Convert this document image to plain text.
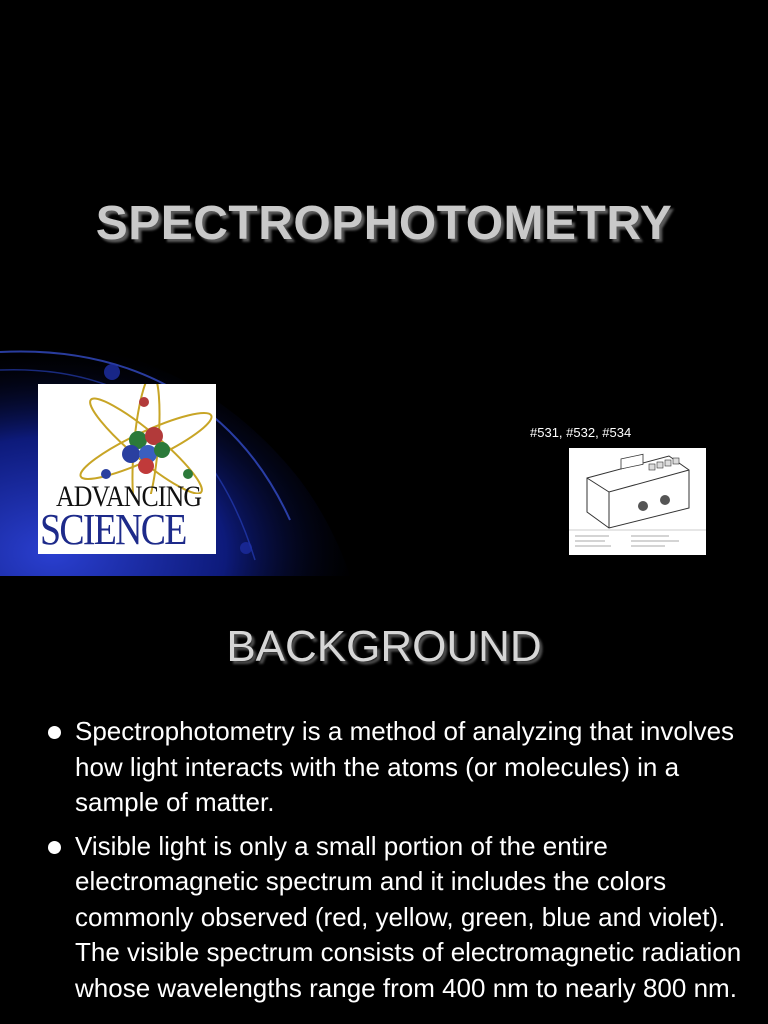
SPECTROPHOTOMETRY
ADVANCING
SCIENCE
#531, #532, #534
BACKGROUND
Spectrophotometry is a method of analyzing that involves how light interacts with the atoms (or molecules) in a sample of matter.
Visible light is only a small portion of the entire electromagnetic spectrum and it includes the colors commonly observed (red, yellow, green, blue and violet). The visible spectrum consists of electromagnetic radiation whose wavelengths range from 400 nm to nearly 800 nm.
